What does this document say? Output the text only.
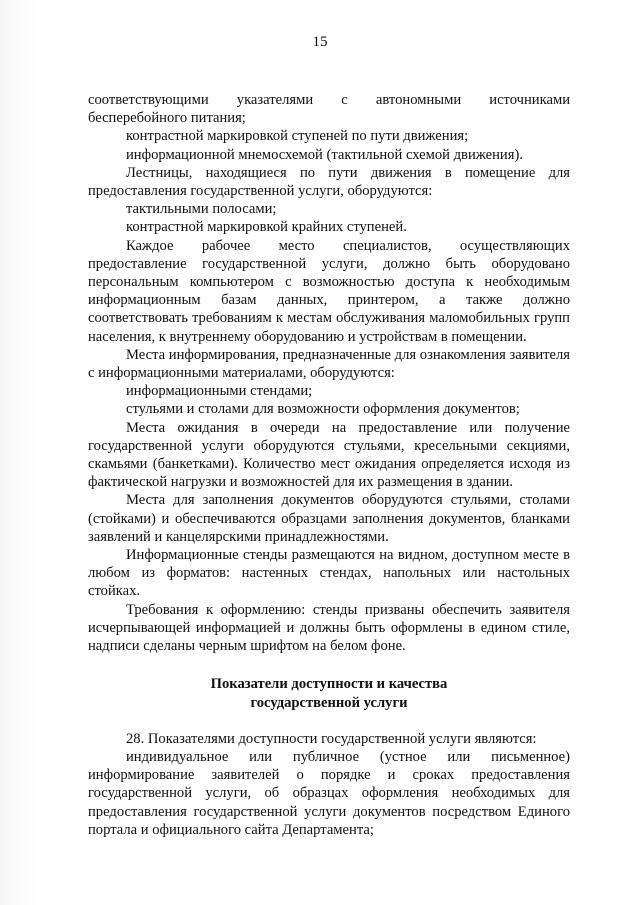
15

соответствующими указателями с автономными источниками бесперебойного питания;

контрастной маркировкой ступеней по пути движения;

информационной мнемосхемой (тактильной схемой движения).

Лестницы, находящиеся по пути движения в помещение для предоставления государственной услуги, оборудуются:

тактильными полосами;

контрастной маркировкой крайних ступеней.

Каждое рабочее место специалистов, осуществляющих предоставление государственной услуги, должно быть оборудовано персональным компьютером с возможностью доступа к необходимым информационным базам данных, принтером, а также должно соответствовать требованиям к местам обслуживания маломобильных групп населения, к внутреннему оборудованию и устройствам в помещении.

Места информирования, предназначенные для ознакомления заявителя с информационными материалами, оборудуются:

информационными стендами;

стульями и столами для возможности оформления документов;

Места ожидания в очереди на предоставление или получение государственной услуги оборудуются стульями, кресельными секциями, скамьями (банкетками). Количество мест ожидания определяется исходя из фактической нагрузки и возможностей для их размещения в здании.

Места для заполнения документов оборудуются стульями, столами (стойками) и обеспечиваются образцами заполнения документов, бланками заявлений и канцелярскими принадлежностями.

Информационные стенды размещаются на видном, доступном месте в любом из форматов: настенных стендах, напольных или настольных стойках.

Требования к оформлению: стенды призваны обеспечить заявителя исчерпывающей информацией и должны быть оформлены в едином стиле, надписи сделаны черным шрифтом на белом фоне.

Показатели доступности и качества

государственной услуги

28. Показателями доступности государственной услуги являются:

индивидуальное или публичное (устное или письменное) информирование заявителей о порядке и сроках предоставления государственной услуги, об образцах оформления необходимых для предоставления государственной услуги документов посредством Единого портала и официального сайта Департамента;
